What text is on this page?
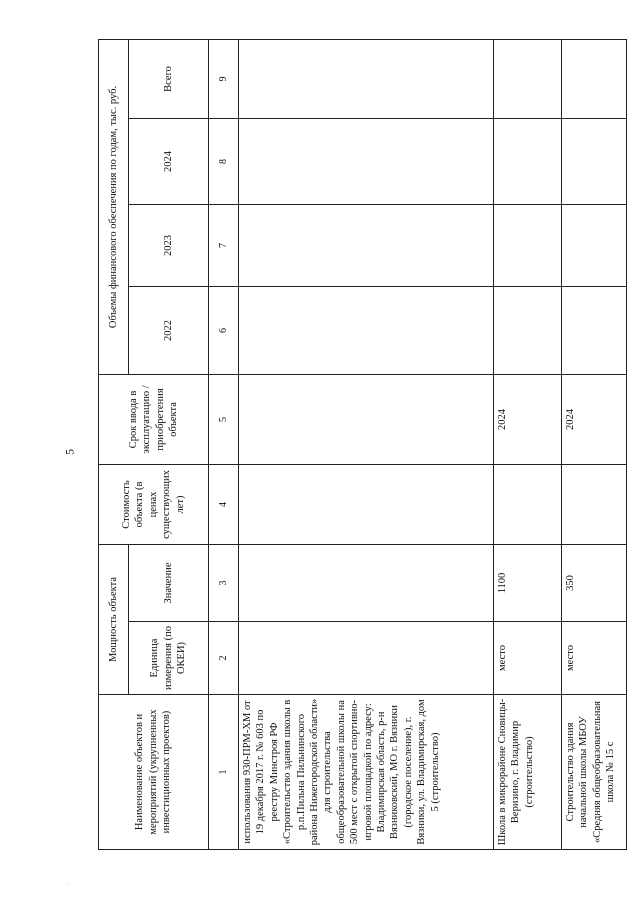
5
.
Наименование объектов и мероприятий (укрупненных инвестиционных проектов)	Мощность объекта		Стоимость объекта (в ценах существующих лет)	Срок ввода в эксплуатацию / приобретения объекта	Объемы финансового обеспечения по годам, тыс. руб.			
	Единица измерения (по ОКЕИ)	Значение			2022	2023	2024	Всего
1	2	3	4	5	6	7	8	9
использования 930-ПРМ-ХМ от 19 декабря 2017 г. № 603 по реестру Минстроя РФ «Строительство здания школы в р.п.Пильна Пильнинского района Нижегородской области» для строительства общеобразовательной школы на 500 мест с открытой спортивно-игровой площадкой по адресу: Владимирская область, р-н Вязниковский, МО г. Вязники (городское поселение), г. Вязники, ул. Владимирская, дом 5 (строительство)								
Школа в микрорайоне Сновицы-Веризино, г. Владимир (строительство)	место	1100		2024				
Строительство здания начальной школы МБОУ «Средняя общеобразовательная школа № 15 с	место	350		2024				
